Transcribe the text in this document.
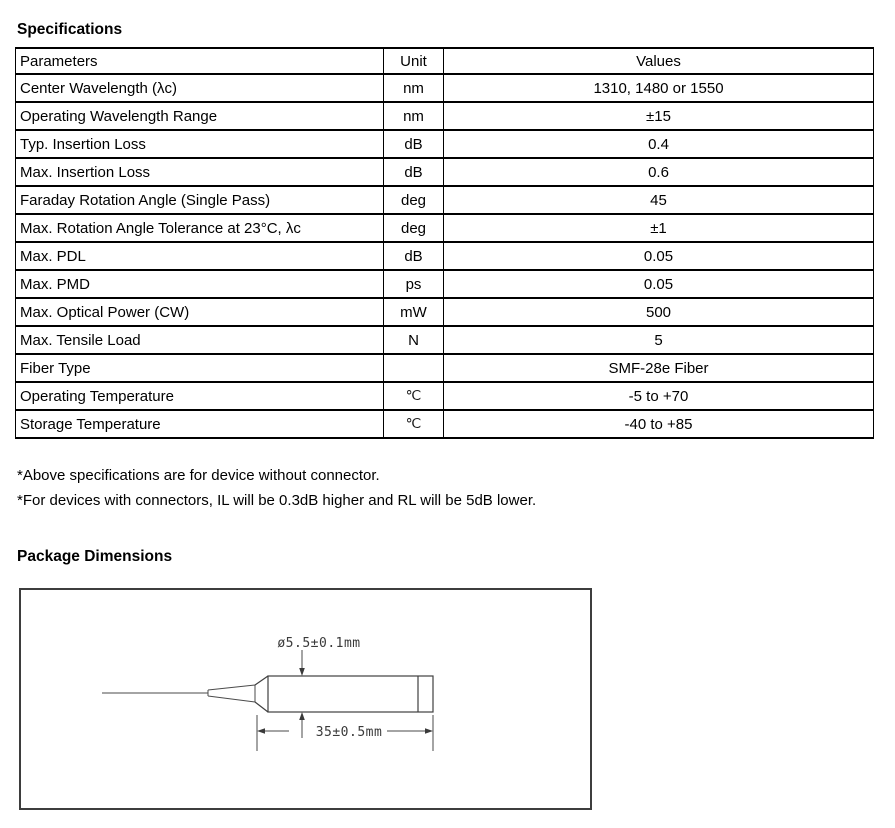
Specifications
Parameters	Unit	Values
Center Wavelength (λc)	nm	1310, 1480 or 1550
Operating Wavelength Range	nm	±15
Typ. Insertion Loss	dB	0.4
Max. Insertion Loss	dB	0.6
Faraday Rotation Angle (Single Pass)	deg	45
Max. Rotation Angle Tolerance at 23°C, λc	deg	±1
Max. PDL	dB	0.05
Max. PMD	ps	0.05
Max. Optical Power (CW)	mW	500
Max. Tensile Load	N	5
Fiber Type		SMF-28e Fiber
Operating Temperature	℃	-5 to +70
Storage Temperature	℃	-40 to +85
*Above specifications are for device without connector.
*For devices with connectors, IL will be 0.3dB higher and RL will be 5dB lower.
Package Dimensions
ø5.5±0.1mm
35±0.5mm
